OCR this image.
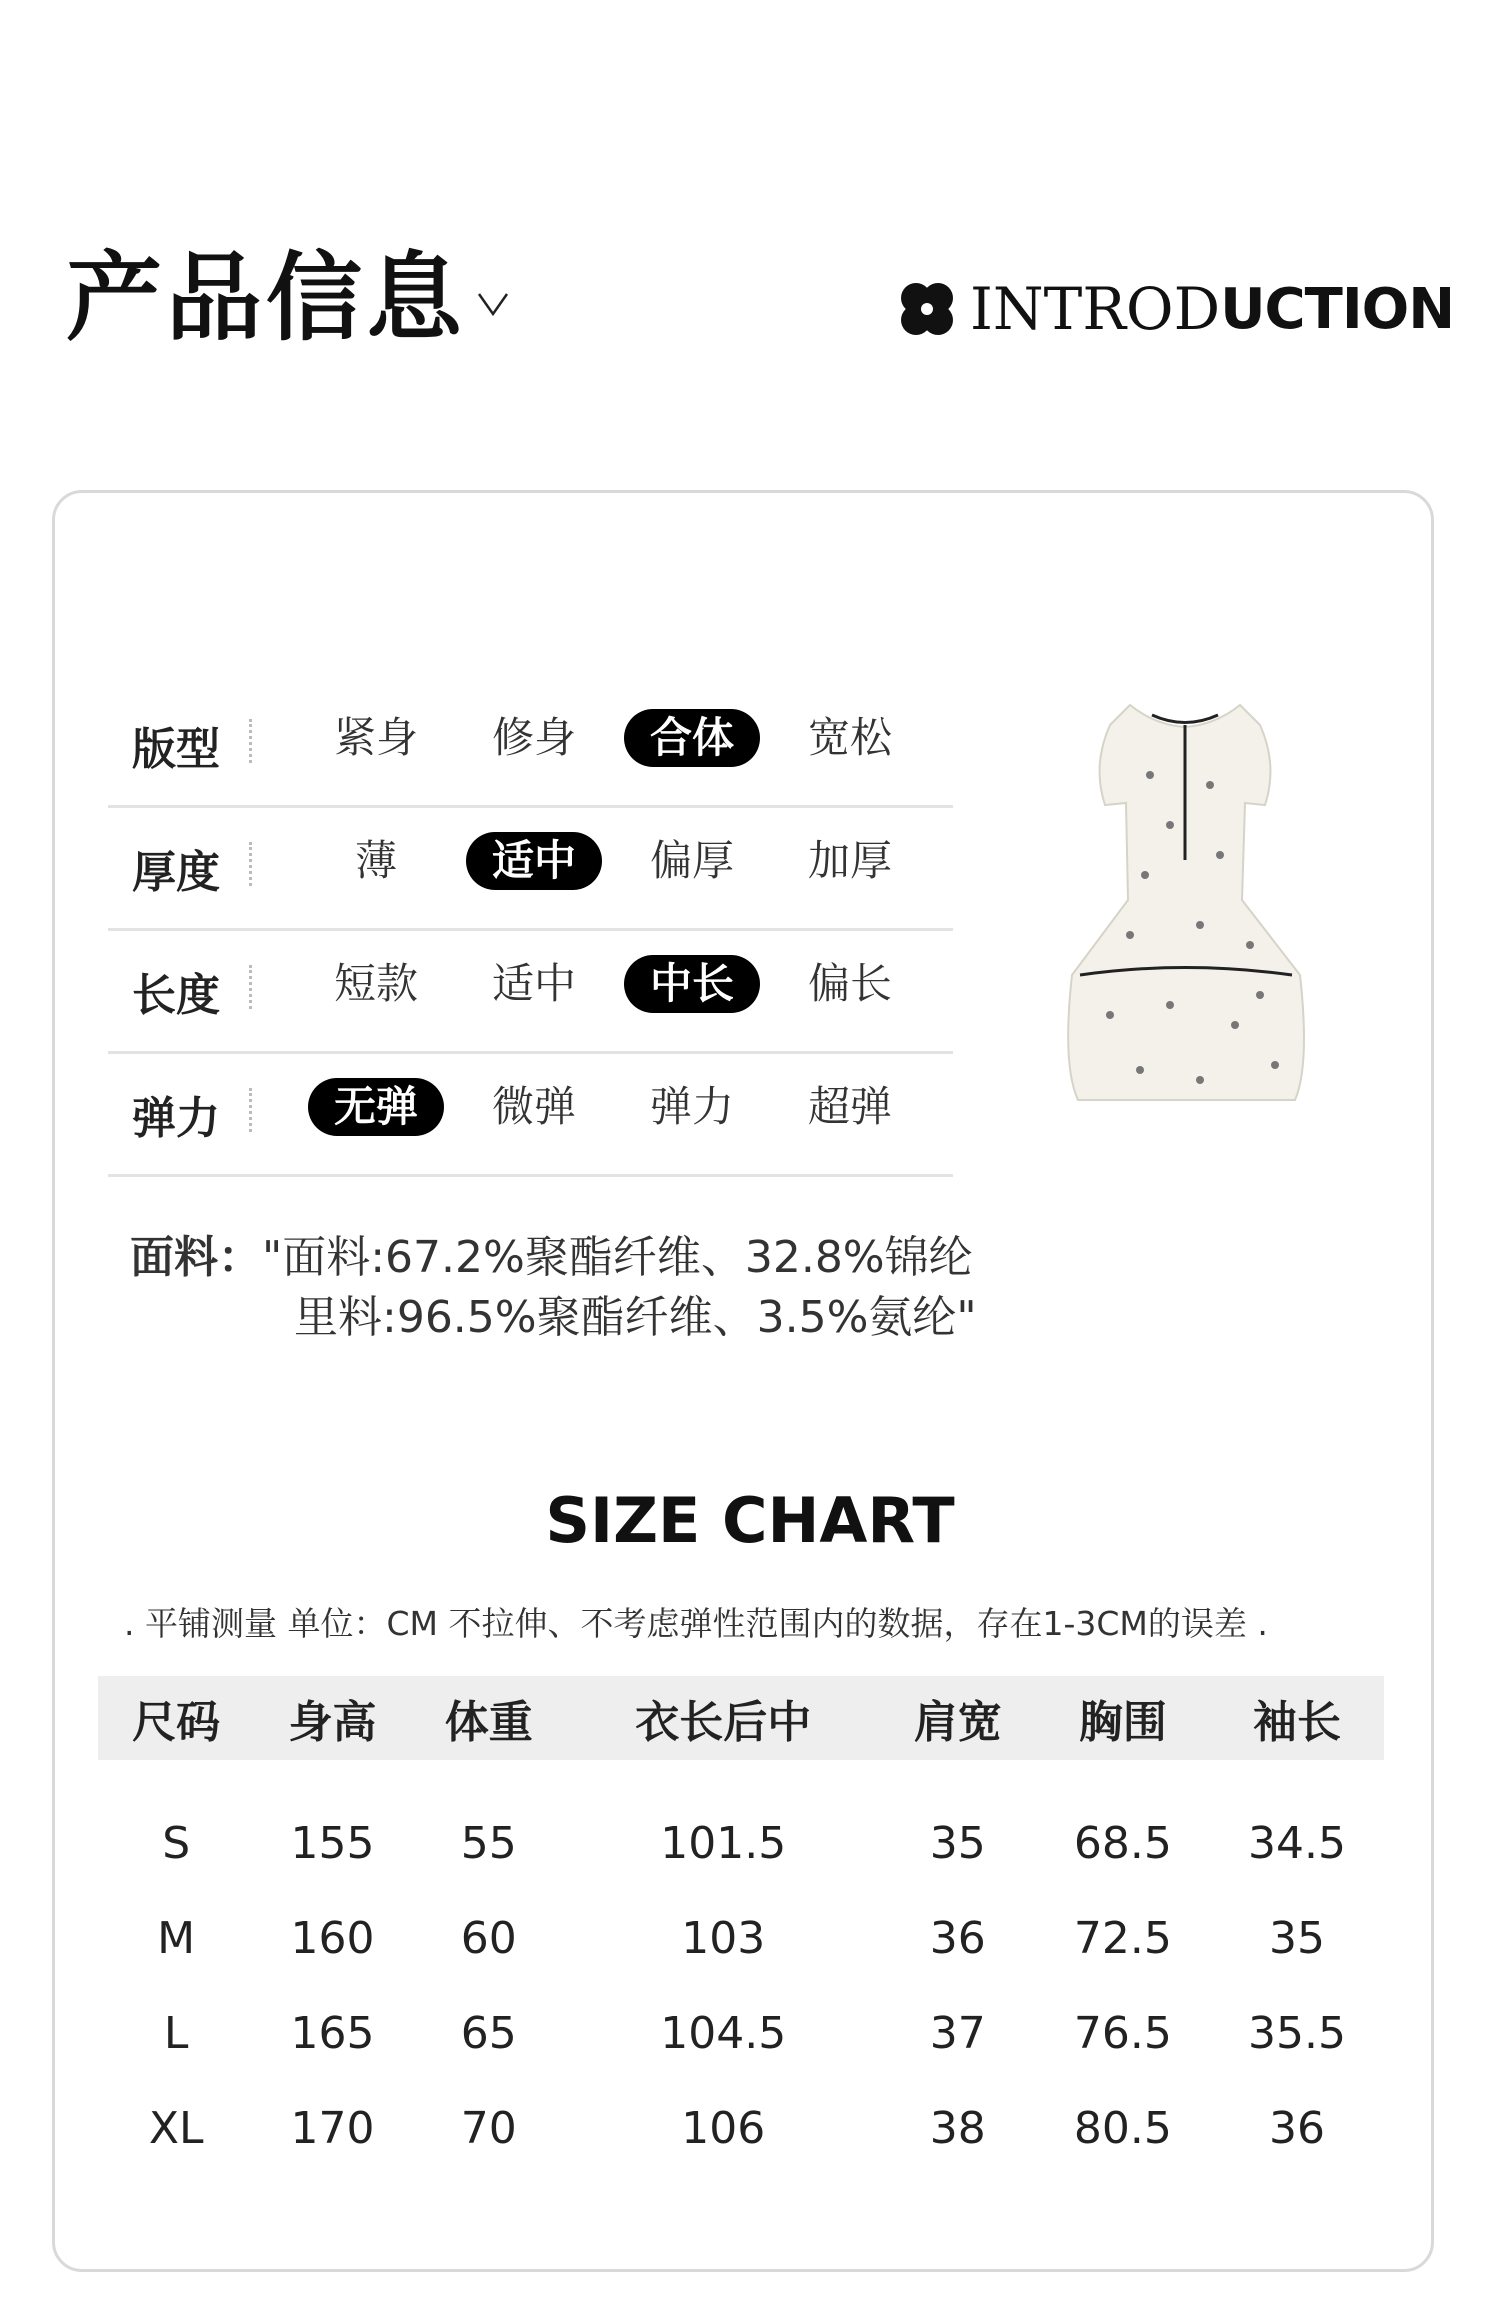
产品信息	INTROD UCTION
版型	紧身	修身	合体	宽松
厚度	薄	适中	偏厚	加厚
长度	短款	适中	中长	偏长
弹力	无弹	微弹	弹力	超弹
面料："面料:67.2%聚酯纤维、32.8%锦纶
里料:96.5%聚酯纤维、3.5%氨纶"
SIZE CHART
. 平铺测量 单位：CM 不拉伸、不考虑弹性范围内的数据，存在1-3CM的误差 .
尺码	身高	体重	衣长后中	肩宽	胸围	袖长
S	155	55	101.5	35	68.5	34.5
M	160	60	103	36	72.5	35
L	165	65	104.5	37	76.5	35.5
XL	170	70	106	38	80.5	36
